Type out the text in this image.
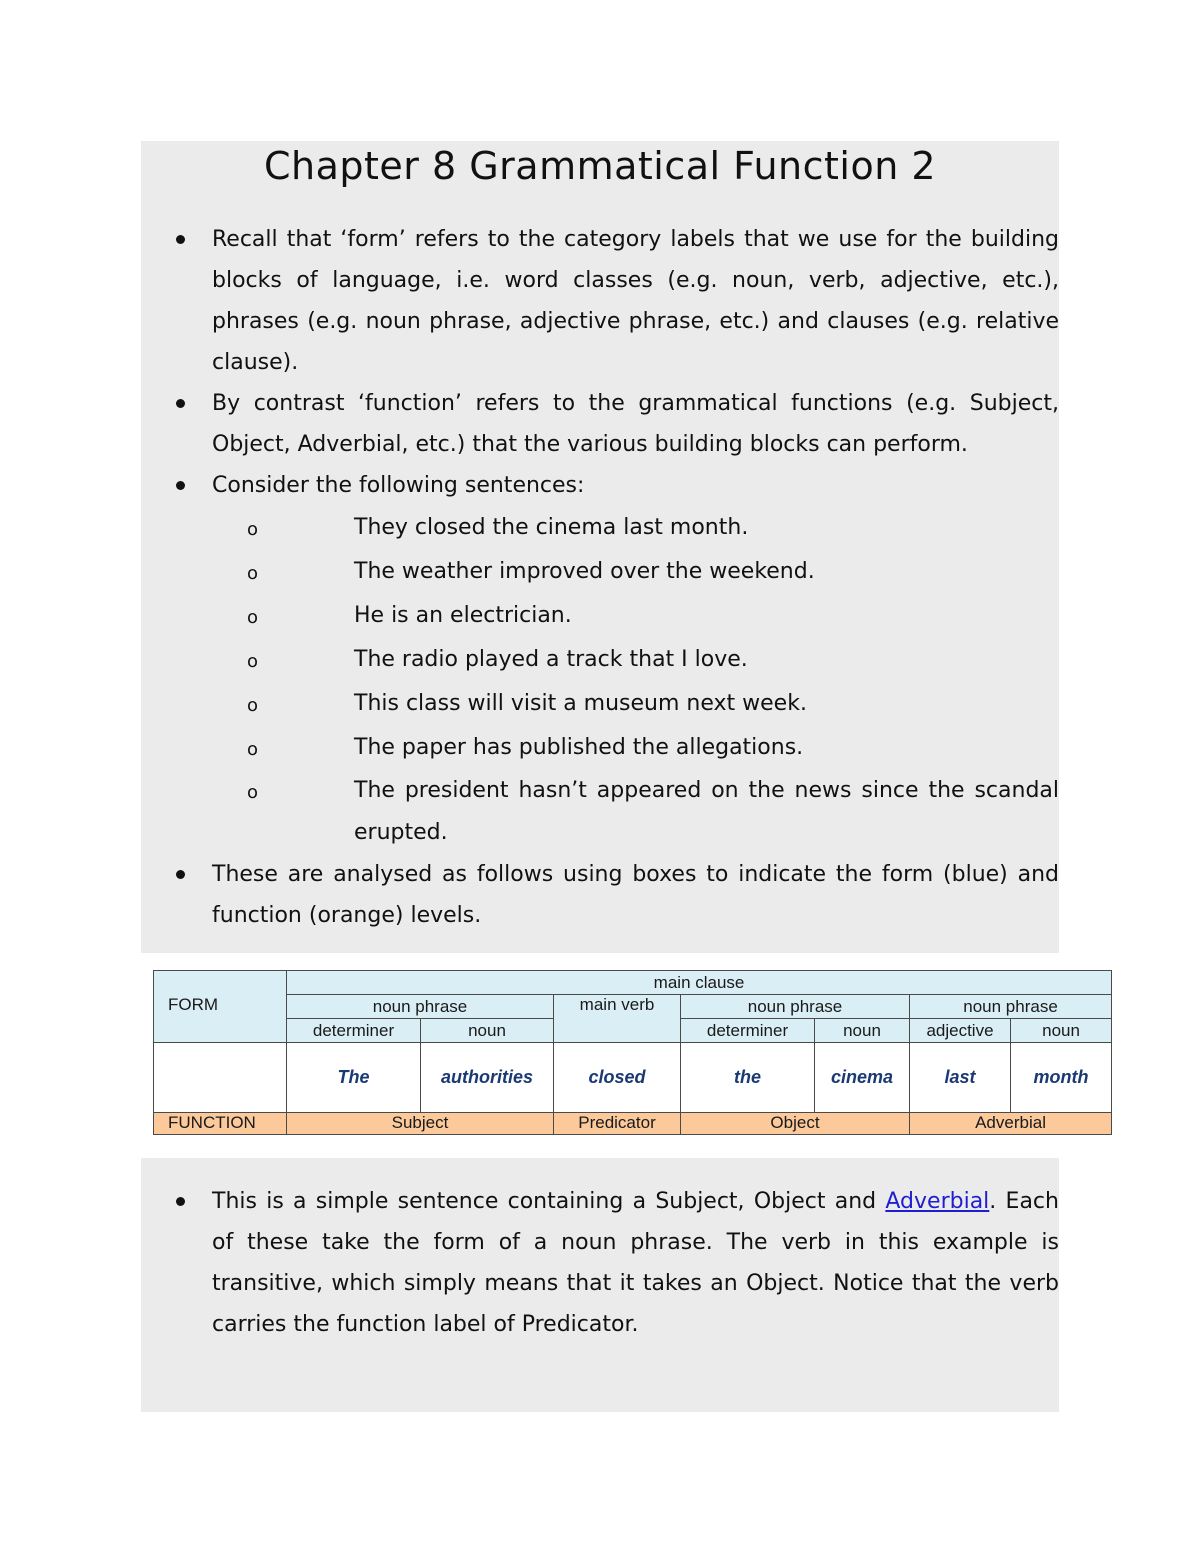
Chapter 8 Grammatical Function 2
Recall that ‘form’ refers to the category labels that we use for the building blocks of language, i.e. word classes (e.g. noun, verb, adjective, etc.), phrases (e.g. noun phrase, adjective phrase, etc.) and clauses (e.g. relative clause).
By contrast ‘function’ refers to the grammatical functions (e.g. Subject, Object, Adverbial, etc.) that the various building blocks can perform.
Consider the following sentences:
o They closed the cinema last month.
o The weather improved over the weekend.
o He is an electrician.
o The radio played a track that I love.
o This class will visit a museum next week.
o The paper has published the allegations.
o The president hasn’t appeared on the news since the scandal erupted.
These are analysed as follows using boxes to indicate the form (blue) and function (orange) levels.
FORM	main clause						
	noun phrase		main verb	noun phrase		noun phrase	
	determiner	noun		determiner	noun	adjective	noun
	The	authorities	closed	the	cinema	last	month
FUNCTION	Subject		Predicator	Object		Adverbial	
This is a simple sentence containing a Subject, Object and Adverbial. Each of these take the form of a noun phrase. The verb in this example is transitive, which simply means that it takes an Object. Notice that the verb carries the function label of Predicator.
